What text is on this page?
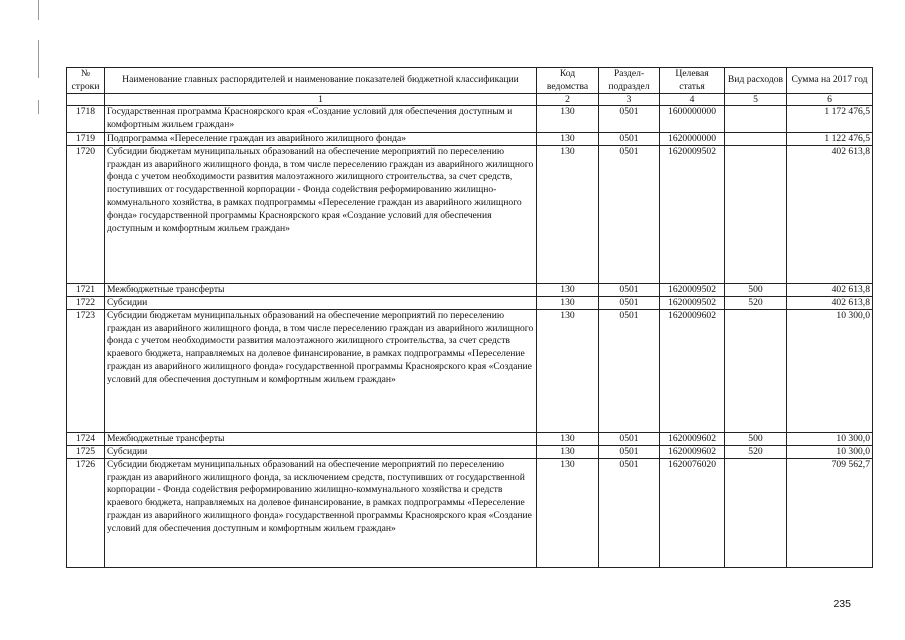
№ строки	Наименование главных распорядителей и наименование показателей бюджетной классификации	Код ведомства	Раздел-подраздел	Целевая статья	Вид расходов	Сумма на 2017 год
	1	2	3	4	5	6
1718	Государственная программа Красноярского края «Создание условий для обеспечения доступным и комфортным жильем граждан»	130	0501	1600000000		1 172 476,5
1719	Подпрограмма «Переселение граждан из аварийного жилищного фонда»	130	0501	1620000000		1 122 476,5
1720	Субсидии бюджетам муниципальных образований на обеспечение мероприятий по переселению граждан из аварийного жилищного фонда, в том числе переселению граждан из аварийного жилищного фонда с учетом необходимости развития малоэтажного жилищного строительства, за счет средств, поступивших от государственной корпорации - Фонда содействия реформированию жилищно-коммунального хозяйства, в рамках подпрограммы «Переселение граждан из аварийного жилищного фонда» государственной программы Красноярского края «Создание условий для обеспечения доступным и комфортным жильем граждан»	130	0501	1620009502		402 613,8
1721	Межбюджетные трансферты	130	0501	1620009502	500	402 613,8
1722	Субсидии	130	0501	1620009502	520	402 613,8
1723	Субсидии бюджетам муниципальных образований на обеспечение мероприятий по переселению граждан из аварийного жилищного фонда, в том числе переселению граждан из аварийного жилищного фонда с учетом необходимости развития малоэтажного жилищного строительства, за счет средств краевого бюджета, направляемых на долевое финансирование, в рамках подпрограммы «Переселение граждан из аварийного жилищного фонда» государственной программы Красноярского края «Создание условий для обеспечения доступным и комфортным жильем граждан»	130	0501	1620009602		10 300,0
1724	Межбюджетные трансферты	130	0501	1620009602	500	10 300,0
1725	Субсидии	130	0501	1620009602	520	10 300,0
1726	Субсидии бюджетам муниципальных образований на обеспечение мероприятий по переселению граждан из аварийного жилищного фонда, за исключением средств, поступивших от государственной корпорации - Фонда содействия реформированию жилищно-коммунального хозяйства и средств краевого бюджета, направляемых на долевое финансирование, в рамках подпрограммы «Переселение граждан из аварийного жилищного фонда» государственной программы Красноярского края «Создание условий для обеспечения доступным и комфортным жильем граждан»	130	0501	1620076020		709 562,7
235
